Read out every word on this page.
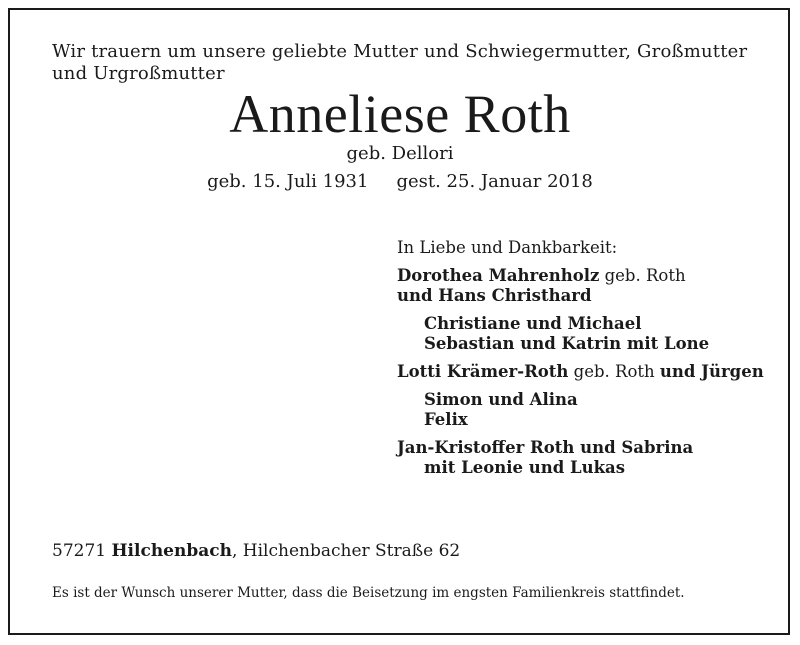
Wir trauern um unsere geliebte Mutter und Schwiegermutter, Großmutter und Urgroßmutter
Anneliese Roth
geb. Dellori
geb. 15. Juli 1931 gest. 25. Januar 2018
In Liebe und Dankbarkeit:
Dorothea Mahrenholz geb. Roth
und Hans Christhard
Christiane und Michael
Sebastian und Katrin mit Lone
Lotti Krämer-Roth geb. Roth und Jürgen
Simon und Alina
Felix
Jan-Kristoffer Roth und Sabrina
mit Leonie und Lukas
57271 Hilchenbach, Hilchenbacher Straße 62
Es ist der Wunsch unserer Mutter, dass die Beisetzung im engsten Familienkreis stattfindet.
